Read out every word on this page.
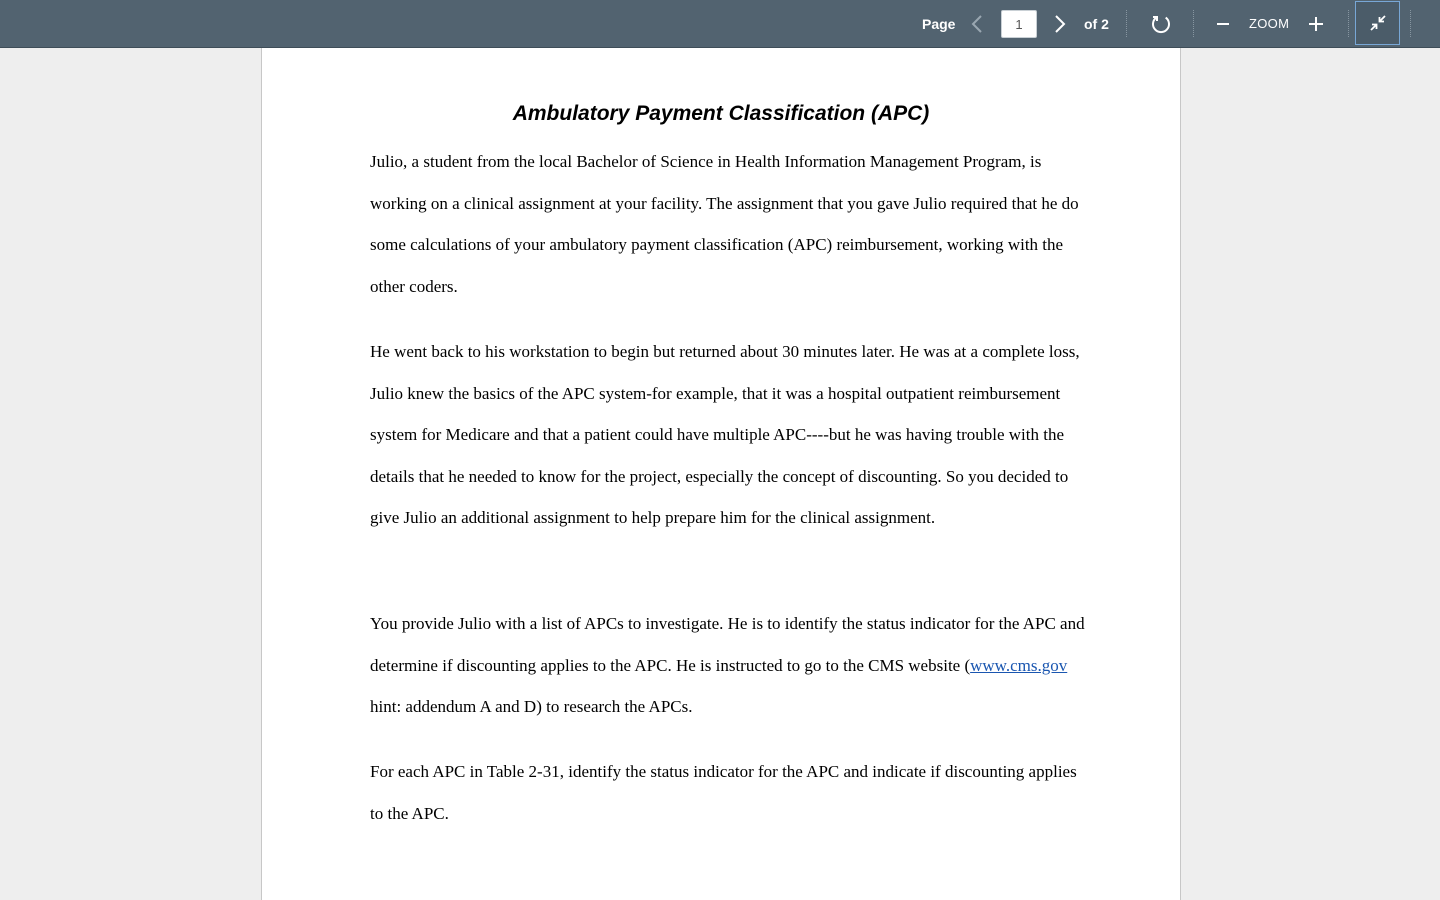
Page
1	of 2	ZOOM
Ambulatory Payment Classification (APC)

Julio, a student from the local Bachelor of Science in Health Information Management Program, is working on a clinical assignment at your facility. The assignment that you gave Julio required that he do some calculations of your ambulatory payment classification (APC) reimbursement, working with the other coders.

He went back to his workstation to begin but returned about 30 minutes later. He was at a complete loss, Julio knew the basics of the APC system-for example, that it was a hospital outpatient reimbursement system for Medicare and that a patient could have multiple APC----but he was having trouble with the details that he needed to know for the project, especially the concept of discounting. So you decided to give Julio an additional assignment to help prepare him for the clinical assignment.

You provide Julio with a list of APCs to investigate. He is to identify the status indicator for the APC and determine if discounting applies to the APC. He is instructed to go to the CMS website (www.cms.gov hint: addendum A and D) to research the APCs.

For each APC in Table 2-31, identify the status indicator for the APC and indicate if discounting applies to the APC.
